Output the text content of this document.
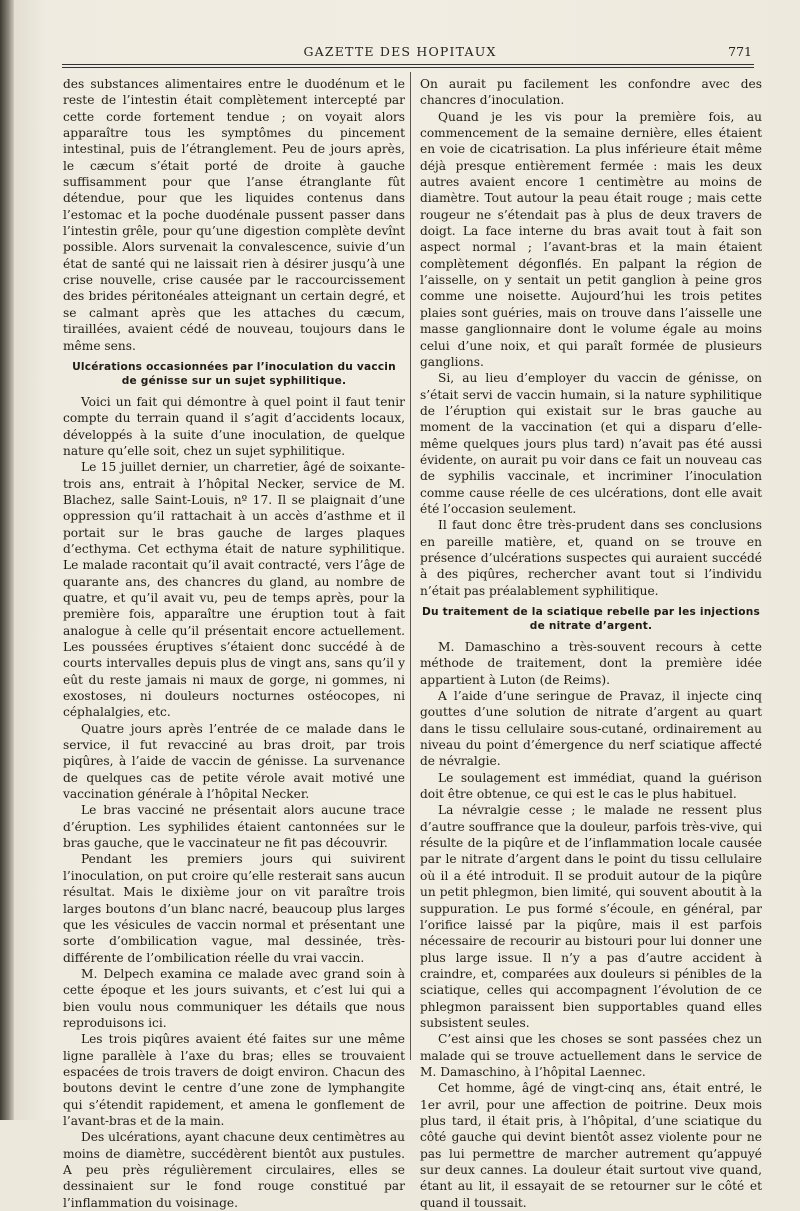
GAZETTE DES HOPITAUX	771

des substances alimentaires entre le duodénum et le reste de l’intestin était complètement intercepté par cette corde fortement tendue ; on voyait alors apparaître tous les symptômes du pincement intestinal, puis de l’étranglement. Peu de jours après, le cæcum s’était porté de droite à gauche suffisamment pour que l’anse étranglante fût détendue, pour que les liquides contenus dans l’estomac et la poche duodénale pussent passer dans l’intestin grêle, pour qu’une digestion complète devînt possible. Alors survenait la convalescence, suivie d’un état de santé qui ne laissait rien à désirer jusqu’à une crise nouvelle, crise causée par le raccourcissement des brides péritonéales atteignant un certain degré, et se calmant après que les attaches du cæcum, tiraillées, avaient cédé de nouveau, toujours dans le même sens.

Ulcérations occasionnées par l’inoculation du vaccin de génisse sur un sujet syphilitique.

Voici un fait qui démontre à quel point il faut tenir compte du terrain quand il s’agit d’accidents locaux, développés à la suite d’une inoculation, de quelque nature qu’elle soit, chez un sujet syphilitique.

Le 15 juillet dernier, un charretier, âgé de soixante-trois ans, entrait à l’hôpital Necker, service de M. Blachez, salle Saint-Louis, nº 17. Il se plaignait d’une oppression qu’il rattachait à un accès d’asthme et il portait sur le bras gauche de larges plaques d’ecthyma. Cet ecthyma était de nature syphilitique. Le malade racontait qu’il avait contracté, vers l’âge de quarante ans, des chancres du gland, au nombre de quatre, et qu’il avait vu, peu de temps après, pour la première fois, apparaître une éruption tout à fait analogue à celle qu’il présentait encore actuellement. Les poussées éruptives s’étaient donc succédé à de courts intervalles depuis plus de vingt ans, sans qu’il y eût du reste jamais ni maux de gorge, ni gommes, ni exostoses, ni douleurs nocturnes ostéocopes, ni céphalalgies, etc.

Quatre jours après l’entrée de ce malade dans le service, il fut revacciné au bras droit, par trois piqûres, à l’aide de vaccin de génisse. La survenance de quelques cas de petite vérole avait motivé une vaccination générale à l’hôpital Necker.

Le bras vacciné ne présentait alors aucune trace d’éruption. Les syphilides étaient cantonnées sur le bras gauche, que le vaccinateur ne fit pas découvrir.

Pendant les premiers jours qui suivirent l’inoculation, on put croire qu’elle resterait sans aucun résultat. Mais le dixième jour on vit paraître trois larges boutons d’un blanc nacré, beaucoup plus larges que les vésicules de vaccin normal et présentant une sorte d’ombilication vague, mal dessinée, très-différente de l’ombilication réelle du vrai vaccin.

M. Delpech examina ce malade avec grand soin à cette époque et les jours suivants, et c’est lui qui a bien voulu nous communiquer les détails que nous reproduisons ici.

Les trois piqûres avaient été faites sur une même ligne parallèle à l’axe du bras; elles se trouvaient espacées de trois travers de doigt environ. Chacun des boutons devint le centre d’une zone de lymphangite qui s’étendit rapidement, et amena le gonflement de l’avant-bras et de la main.

Des ulcérations, ayant chacune deux centimètres au moins de diamètre, succédèrent bientôt aux pustules. A peu près régulièrement circulaires, elles se dessinaient sur le fond rouge constitué par l’inflammation du voisinage.

On aurait pu facilement les confondre avec des chancres d’inoculation.

Quand je les vis pour la première fois, au commencement de la semaine dernière, elles étaient en voie de cicatrisation. La plus inférieure était même déjà presque entièrement fermée : mais les deux autres avaient encore 1 centimètre au moins de diamètre. Tout autour la peau était rouge ; mais cette rougeur ne s’étendait pas à plus de deux travers de doigt. La face interne du bras avait tout à fait son aspect normal ; l’avant-bras et la main étaient complètement dégonflés. En palpant la région de l’aisselle, on y sentait un petit ganglion à peine gros comme une noisette. Aujourd’hui les trois petites plaies sont guéries, mais on trouve dans l’aisselle une masse ganglionnaire dont le volume égale au moins celui d’une noix, et qui paraît formée de plusieurs ganglions.

Si, au lieu d’employer du vaccin de génisse, on s’était servi de vaccin humain, si la nature syphilitique de l’éruption qui existait sur le bras gauche au moment de la vaccination (et qui a disparu d’elle-même quelques jours plus tard) n’avait pas été aussi évidente, on aurait pu voir dans ce fait un nouveau cas de syphilis vaccinale, et incriminer l’inoculation comme cause réelle de ces ulcérations, dont elle avait été l’occasion seulement.

Il faut donc être très-prudent dans ses conclusions en pareille matière, et, quand on se trouve en présence d’ulcérations suspectes qui auraient succédé à des piqûres, rechercher avant tout si l’individu n’était pas préalablement syphilitique.

Du traitement de la sciatique rebelle par les injections de nitrate d’argent.

M. Damaschino a très-souvent recours à cette méthode de traitement, dont la première idée appartient à Luton (de Reims).

A l’aide d’une seringue de Pravaz, il injecte cinq gouttes d’une solution de nitrate d’argent au quart dans le tissu cellulaire sous-cutané, ordinairement au niveau du point d’émergence du nerf sciatique affecté de névralgie.

Le soulagement est immédiat, quand la guérison doit être obtenue, ce qui est le cas le plus habituel.

La névralgie cesse ; le malade ne ressent plus d’autre souffrance que la douleur, parfois très-vive, qui résulte de la piqûre et de l’inflammation locale causée par le nitrate d’argent dans le point du tissu cellulaire où il a été introduit. Il se produit autour de la piqûre un petit phlegmon, bien limité, qui souvent aboutit à la suppuration. Le pus formé s’écoule, en général, par l’orifice laissé par la piqûre, mais il est parfois nécessaire de recourir au bistouri pour lui donner une plus large issue. Il n’y a pas d’autre accident à craindre, et, comparées aux douleurs si pénibles de la sciatique, celles qui accompagnent l’évolution de ce phlegmon paraissent bien supportables quand elles subsistent seules.

C’est ainsi que les choses se sont passées chez un malade qui se trouve actuellement dans le service de M. Damaschino, à l’hôpital Laennec.

Cet homme, âgé de vingt-cinq ans, était entré, le 1er avril, pour une affection de poitrine. Deux mois plus tard, il était pris, à l’hôpital, d’une sciatique du côté gauche qui devint bientôt assez violente pour ne pas lui permettre de marcher autrement qu’appuyé sur deux cannes. La douleur était surtout vive quand, étant au lit, il essayait de se retourner sur le côté et quand il toussait.
